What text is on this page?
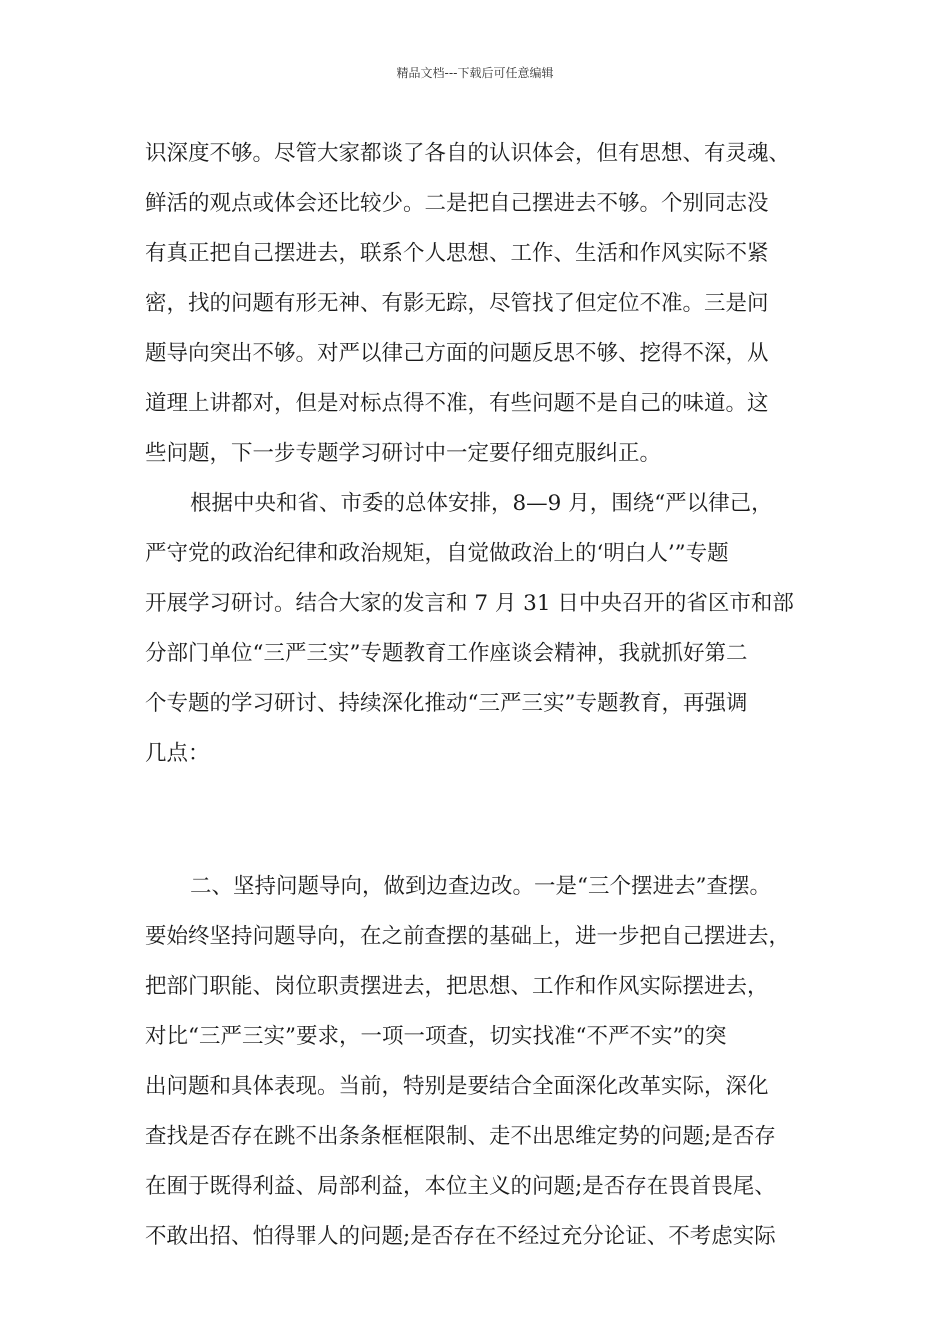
精品文档---下载后可任意编辑
识深度不够。尽管大家都谈了各自的认识体会，但有思想、有灵魂、
鲜活的观点或体会还比较少。二是把自己摆进去不够。个别同志没
有真正把自己摆进去，联系个人思想、工作、生活和作风实际不紧
密，找的问题有形无神、有影无踪，尽管找了但定位不准。三是问
题导向突出不够。对严以律己方面的问题反思不够、挖得不深，从
道理上讲都对，但是对标点得不准，有些问题不是自己的味道。这
些问题，下一步专题学习研讨中一定要仔细克服纠正。
根据中央和省、市委的总体安排，8—9 月，围绕“严以律己，
严守党的政治纪律和政治规矩，自觉做政治上的‘明白人’”专题
开展学习研讨。结合大家的发言和 7 月 31 日中央召开的省区市和部
分部门单位“三严三实”专题教育工作座谈会精神，我就抓好第二
个专题的学习研讨、持续深化推动“三严三实”专题教育，再强调
几点：
二、坚持问题导向，做到边查边改。一是“三个摆进去”查摆。
要始终坚持问题导向，在之前查摆的基础上，进一步把自己摆进去，
把部门职能、岗位职责摆进去，把思想、工作和作风实际摆进去，
对比“三严三实”要求，一项一项查，切实找准“不严不实”的突
出问题和具体表现。当前，特别是要结合全面深化改革实际，深化
查找是否存在跳不出条条框框限制、走不出思维定势的问题;是否存
在囿于既得利益、局部利益，本位主义的问题;是否存在畏首畏尾、
不敢出招、怕得罪人的问题;是否存在不经过充分论证、不考虑实际
